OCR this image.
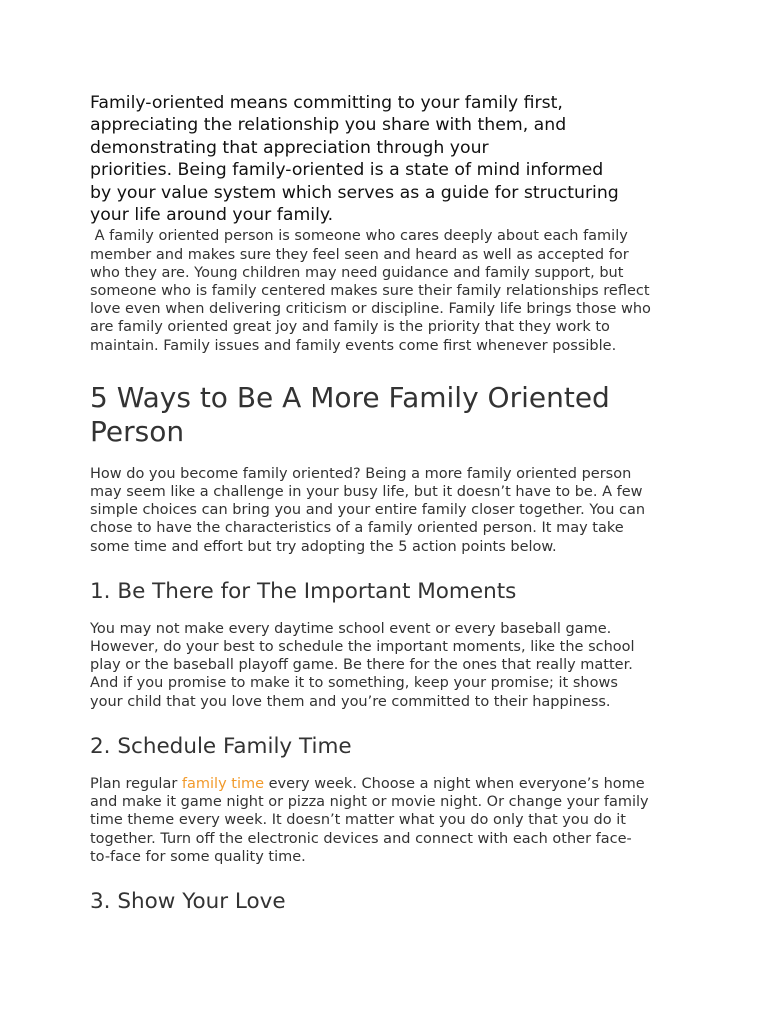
Family-oriented means committing to your family first,
appreciating the relationship you share with them, and
demonstrating that appreciation through your
priorities. Being family-oriented is a state of mind informed
by your value system which serves as a guide for structuring
your life around your family.
A family oriented person is someone who cares deeply about each family
member and makes sure they feel seen and heard as well as accepted for
who they are. Young children may need guidance and family support, but
someone who is family centered makes sure their family relationships reflect
love even when delivering criticism or discipline. Family life brings those who
are family oriented great joy and family is the priority that they work to
maintain. Family issues and family events come first whenever possible.
5 Ways to Be A More Family Oriented
Person
How do you become family oriented? Being a more family oriented person
may seem like a challenge in your busy life, but it doesn’t have to be. A few
simple choices can bring you and your entire family closer together. You can
chose to have the characteristics of a family oriented person. It may take
some time and effort but try adopting the 5 action points below.
1. Be There for The Important Moments
You may not make every daytime school event or every baseball game.
However, do your best to schedule the important moments, like the school
play or the baseball playoff game. Be there for the ones that really matter.
And if you promise to make it to something, keep your promise; it shows
your child that you love them and you’re committed to their happiness.
2. Schedule Family Time
Plan regular family time every week. Choose a night when everyone’s home
and make it game night or pizza night or movie night. Or change your family
time theme every week. It doesn’t matter what you do only that you do it
together. Turn off the electronic devices and connect with each other face-
to-face for some quality time.
3. Show Your Love
